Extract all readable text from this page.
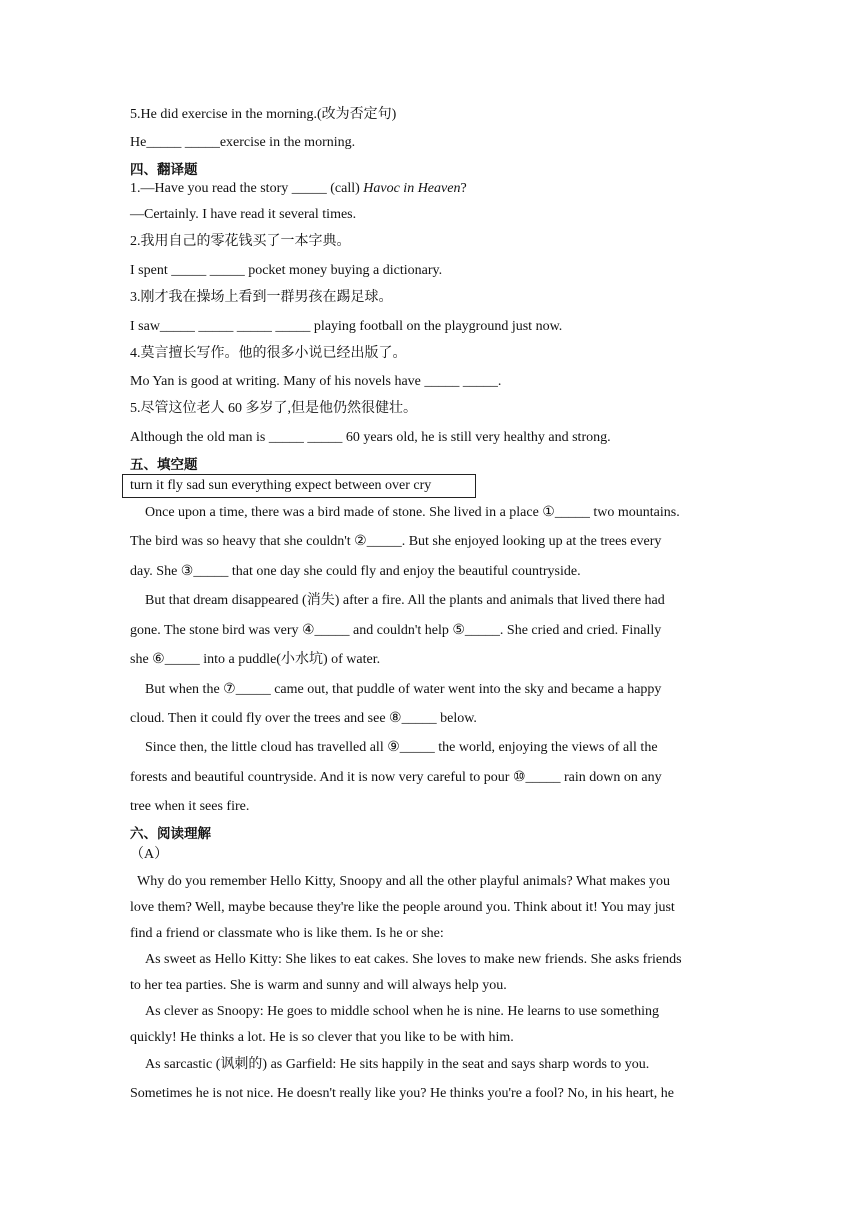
5.He did exercise in the morning.(改为否定句)
He_____ _____exercise in the morning.
四、翻译题
1.—Have you read the story _____ (call) Havoc in Heaven?
—Certainly. I have read it several times.
2.我用自己的零花钱买了一本字典。
I spent _____ _____ pocket money buying a dictionary.
3.刚才我在操场上看到一群男孩在踢足球。
I saw_____ _____ _____ _____ playing football on the playground just now.
4.莫言擅长写作。他的很多小说已经出版了。
Mo Yan is good at writing. Many of his novels have _____ _____.
5.尽管这位老人 60 多岁了,但是他仍然很健壮。
Although the old man is _____ _____ 60 years old, he is still very healthy and strong.
五、填空题
turn it fly sad sun everything expect between over cry
Once upon a time, there was a bird made of stone. She lived in a place ①_____ two mountains.
The bird was so heavy that she couldn't ②_____. But she enjoyed looking up at the trees every
day. She ③_____ that one day she could fly and enjoy the beautiful countryside.
But that dream disappeared (消失) after a fire. All the plants and animals that lived there had
gone. The stone bird was very ④_____ and couldn't help ⑤_____. She cried and cried. Finally
she ⑥_____ into a puddle(小水坑) of water.
But when the ⑦_____ came out, that puddle of water went into the sky and became a happy
cloud. Then it could fly over the trees and see ⑧_____ below.
Since then, the little cloud has travelled all ⑨_____ the world, enjoying the views of all the
forests and beautiful countryside. And it is now very careful to pour ⑩_____ rain down on any
tree when it sees fire.
六、阅读理解
（A）
Why do you remember Hello Kitty, Snoopy and all the other playful animals? What makes you
love them? Well, maybe because they're like the people around you. Think about it! You may just
find a friend or classmate who is like them. Is he or she:
As sweet as Hello Kitty: She likes to eat cakes. She loves to make new friends. She asks friends
to her tea parties. She is warm and sunny and will always help you.
As clever as Snoopy: He goes to middle school when he is nine. He learns to use something
quickly! He thinks a lot. He is so clever that you like to be with him.
As sarcastic (讽刺的) as Garfield: He sits happily in the seat and says sharp words to you.
Sometimes he is not nice. He doesn't really like you? He thinks you're a fool? No, in his heart, he
